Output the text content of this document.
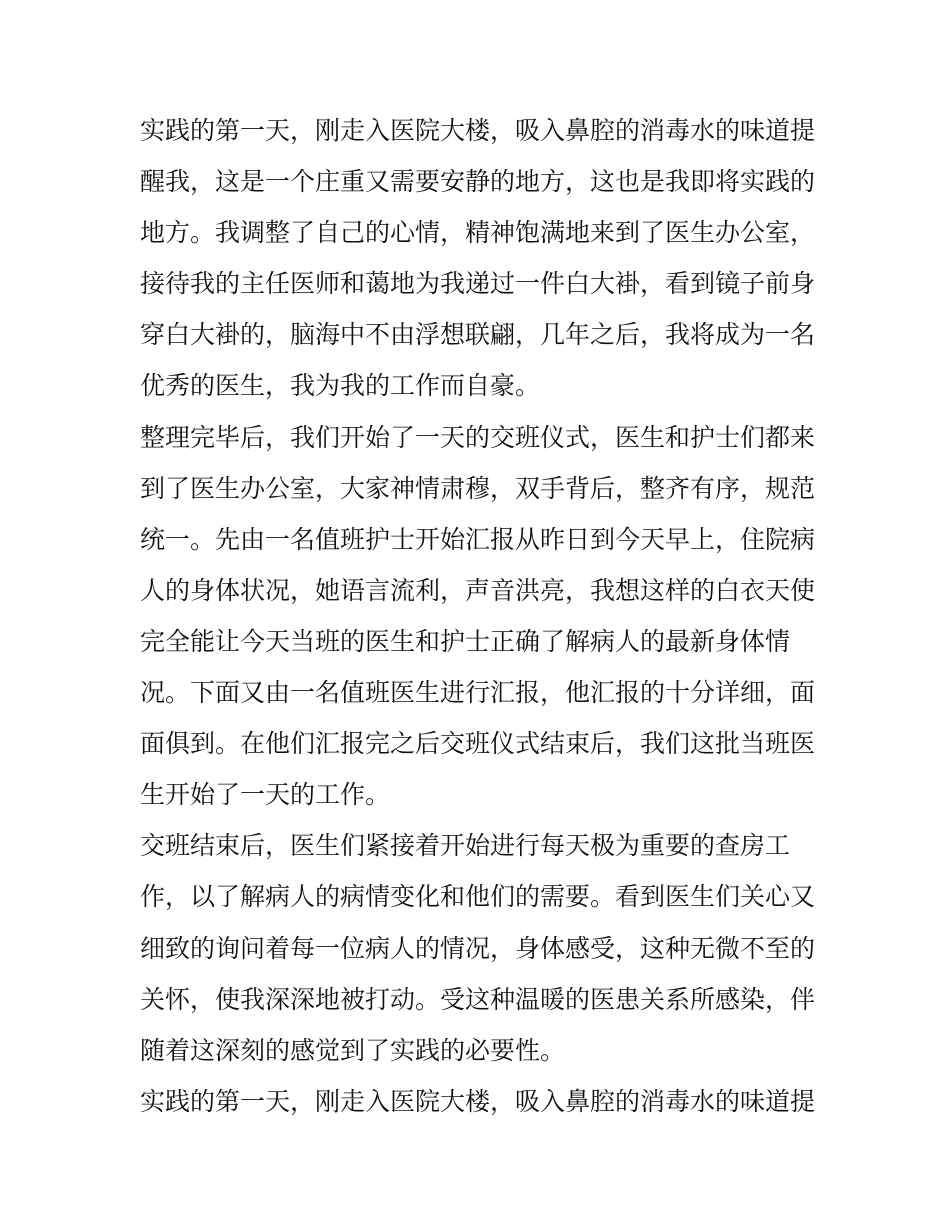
实践的第一天，刚走入医院大楼，吸入鼻腔的消毒水的味道提
醒我，这是一个庄重又需要安静的地方，这也是我即将实践的
地方。我调整了自己的心情，精神饱满地来到了医生办公室，
接待我的主任医师和蔼地为我递过一件白大褂，看到镜子前身
穿白大褂的，脑海中不由浮想联翩，几年之后，我将成为一名
优秀的医生，我为我的工作而自豪。
整理完毕后，我们开始了一天的交班仪式，医生和护士们都来
到了医生办公室，大家神情肃穆，双手背后，整齐有序，规范
统一。先由一名值班护士开始汇报从昨日到今天早上，住院病
人的身体状况，她语言流利，声音洪亮，我想这样的白衣天使
完全能让今天当班的医生和护士正确了解病人的最新身体情
况。下面又由一名值班医生进行汇报，他汇报的十分详细，面
面俱到。在他们汇报完之后交班仪式结束后，我们这批当班医
生开始了一天的工作。
交班结束后，医生们紧接着开始进行每天极为重要的查房工
作，以了解病人的病情变化和他们的需要。看到医生们关心又
细致的询问着每一位病人的情况，身体感受，这种无微不至的
关怀，使我深深地被打动。受这种温暖的医患关系所感染，伴
随着这深刻的感觉到了实践的必要性。
实践的第一天，刚走入医院大楼，吸入鼻腔的消毒水的味道提
